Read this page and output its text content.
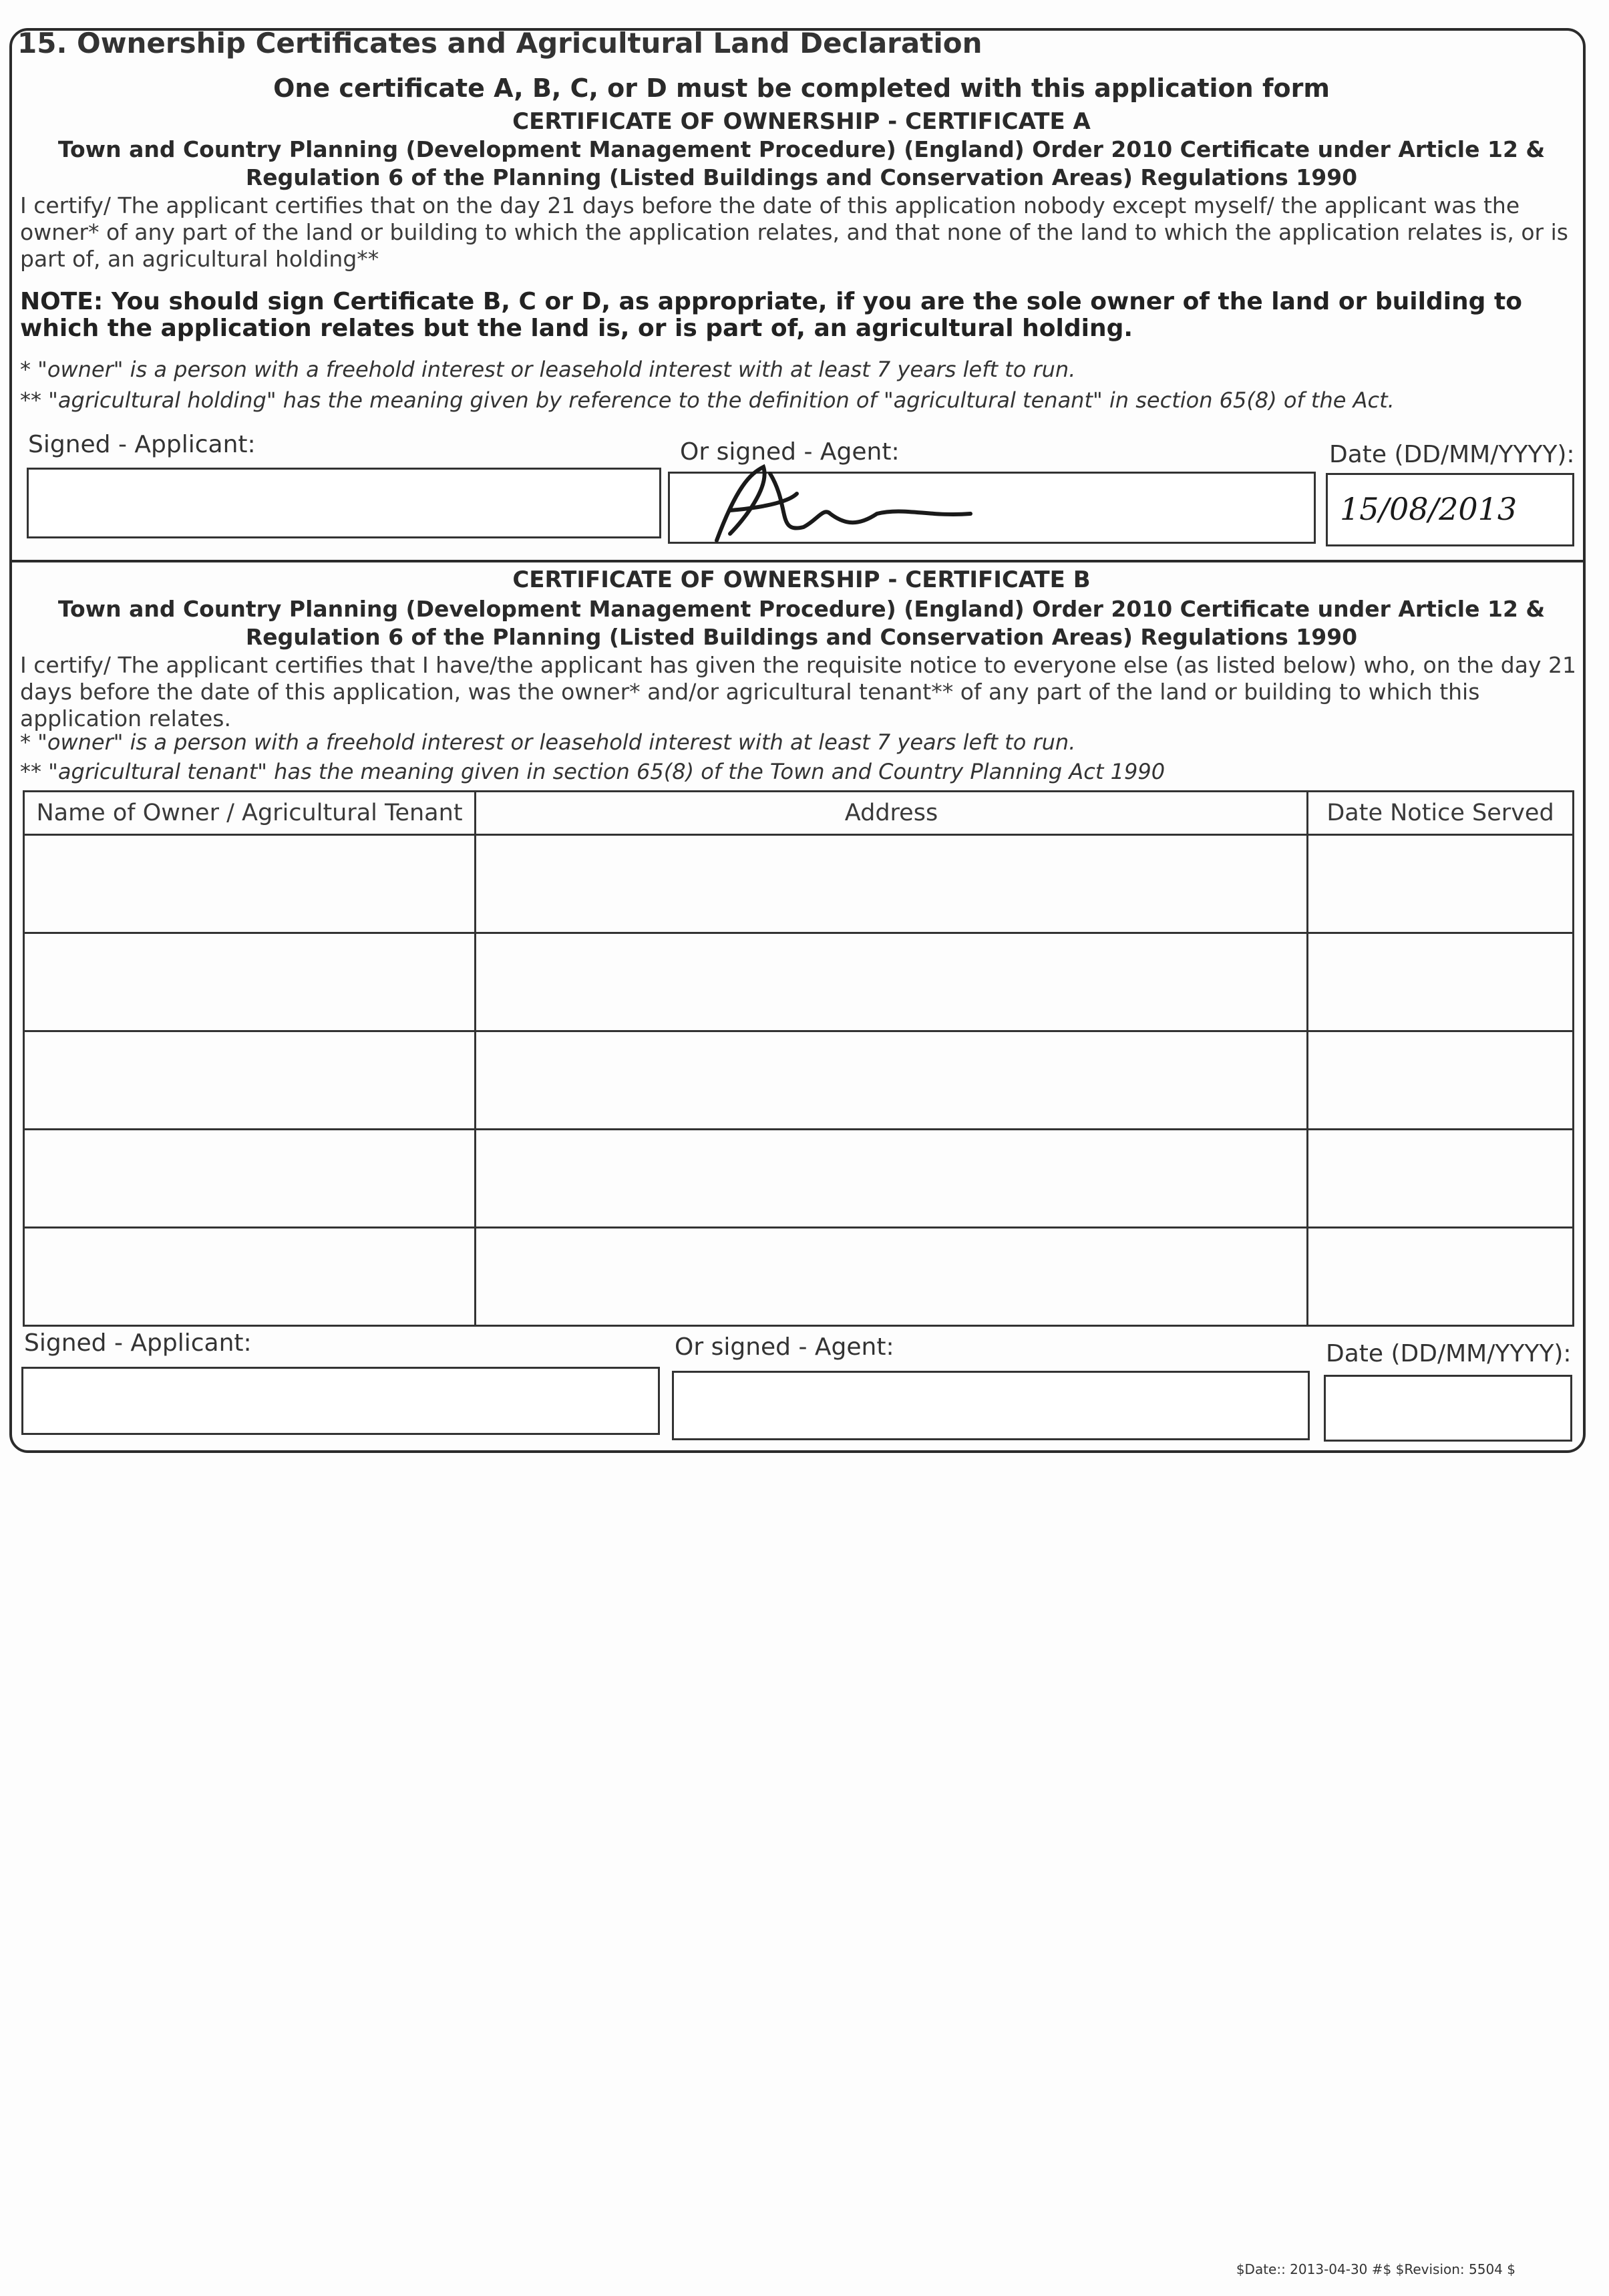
15. Ownership Certificates and Agricultural Land Declaration
One certificate A, B, C, or D must be completed with this application form
CERTIFICATE OF OWNERSHIP - CERTIFICATE A
Town and Country Planning (Development Management Procedure) (England) Order 2010 Certificate under Article 12 &
Regulation 6 of the Planning (Listed Buildings and Conservation Areas) Regulations 1990
I certify/ The applicant certifies that on the day 21 days before the date of this application nobody except myself/ the applicant was the owner* of any part of the land or building to which the application relates, and that none of the land to which the application relates is, or is part of, an agricultural holding**
NOTE: You should sign Certificate B, C or D, as appropriate, if you are the sole owner of the land or building to which the application relates but the land is, or is part of, an agricultural holding.
* "owner" is a person with a freehold interest or leasehold interest with at least 7 years left to run.
** "agricultural holding" has the meaning given by reference to the definition of "agricultural tenant" in section 65(8) of the Act.
Signed - Applicant:	Or signed - Agent:	Date (DD/MM/YYYY):
15/08/2013
CERTIFICATE OF OWNERSHIP - CERTIFICATE B
Town and Country Planning (Development Management Procedure) (England) Order 2010 Certificate under Article 12 &
Regulation 6 of the Planning (Listed Buildings and Conservation Areas) Regulations 1990
I certify/ The applicant certifies that I have/the applicant has given the requisite notice to everyone else (as listed below) who, on the day 21 days before the date of this application, was the owner* and/or agricultural tenant** of any part of the land or building to which this application relates.
* "owner" is a person with a freehold interest or leasehold interest with at least 7 years left to run.
** "agricultural tenant" has the meaning given in section 65(8) of the Town and Country Planning Act 1990
Name of Owner / Agricultural Tenant	Address	Date Notice Served

Signed - Applicant:	Or signed - Agent:	Date (DD/MM/YYYY):
$Date:: 2013-04-30 #$ $Revision: 5504 $
